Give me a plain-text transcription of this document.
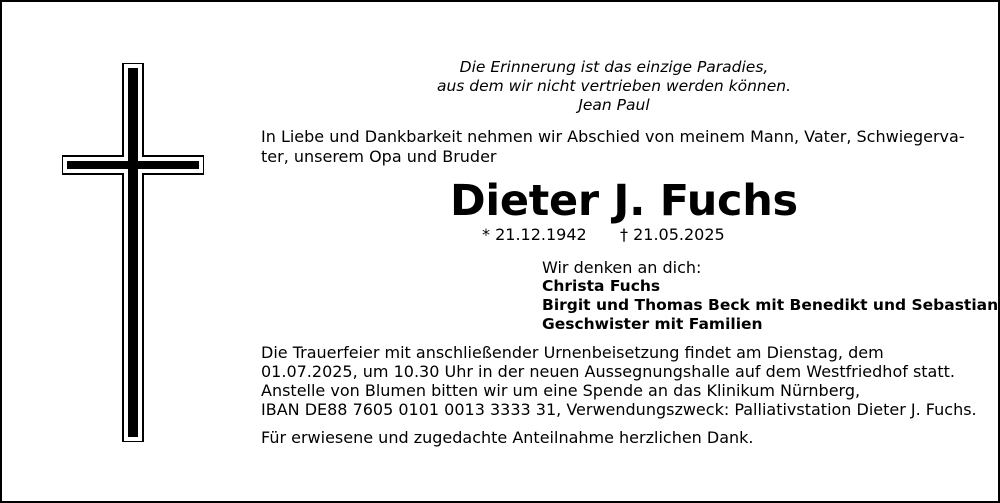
Die Erinnerung ist das einzige Paradies,
aus dem wir nicht vertrieben werden können.
Jean Paul
In Liebe und Dankbarkeit nehmen wir Abschied von meinem Mann, Vater, Schwiegerva-
ter, unserem Opa und Bruder
Dieter J. Fuchs
* 21.12.1942 † 21.05.2025
Wir denken an dich:
Christa Fuchs
Birgit und Thomas Beck mit Benedikt und Sebastian
Geschwister mit Familien
Die Trauerfeier mit anschließender Urnenbeisetzung findet am Dienstag, dem
01.07.2025, um 10.30 Uhr in der neuen Aussegnungshalle auf dem Westfriedhof statt.
Anstelle von Blumen bitten wir um eine Spende an das Klinikum Nürnberg,
IBAN DE88 7605 0101 0013 3333 31, Verwendungszweck: Palliativstation Dieter J. Fuchs.
Für erwiesene und zugedachte Anteilnahme herzlichen Dank.
